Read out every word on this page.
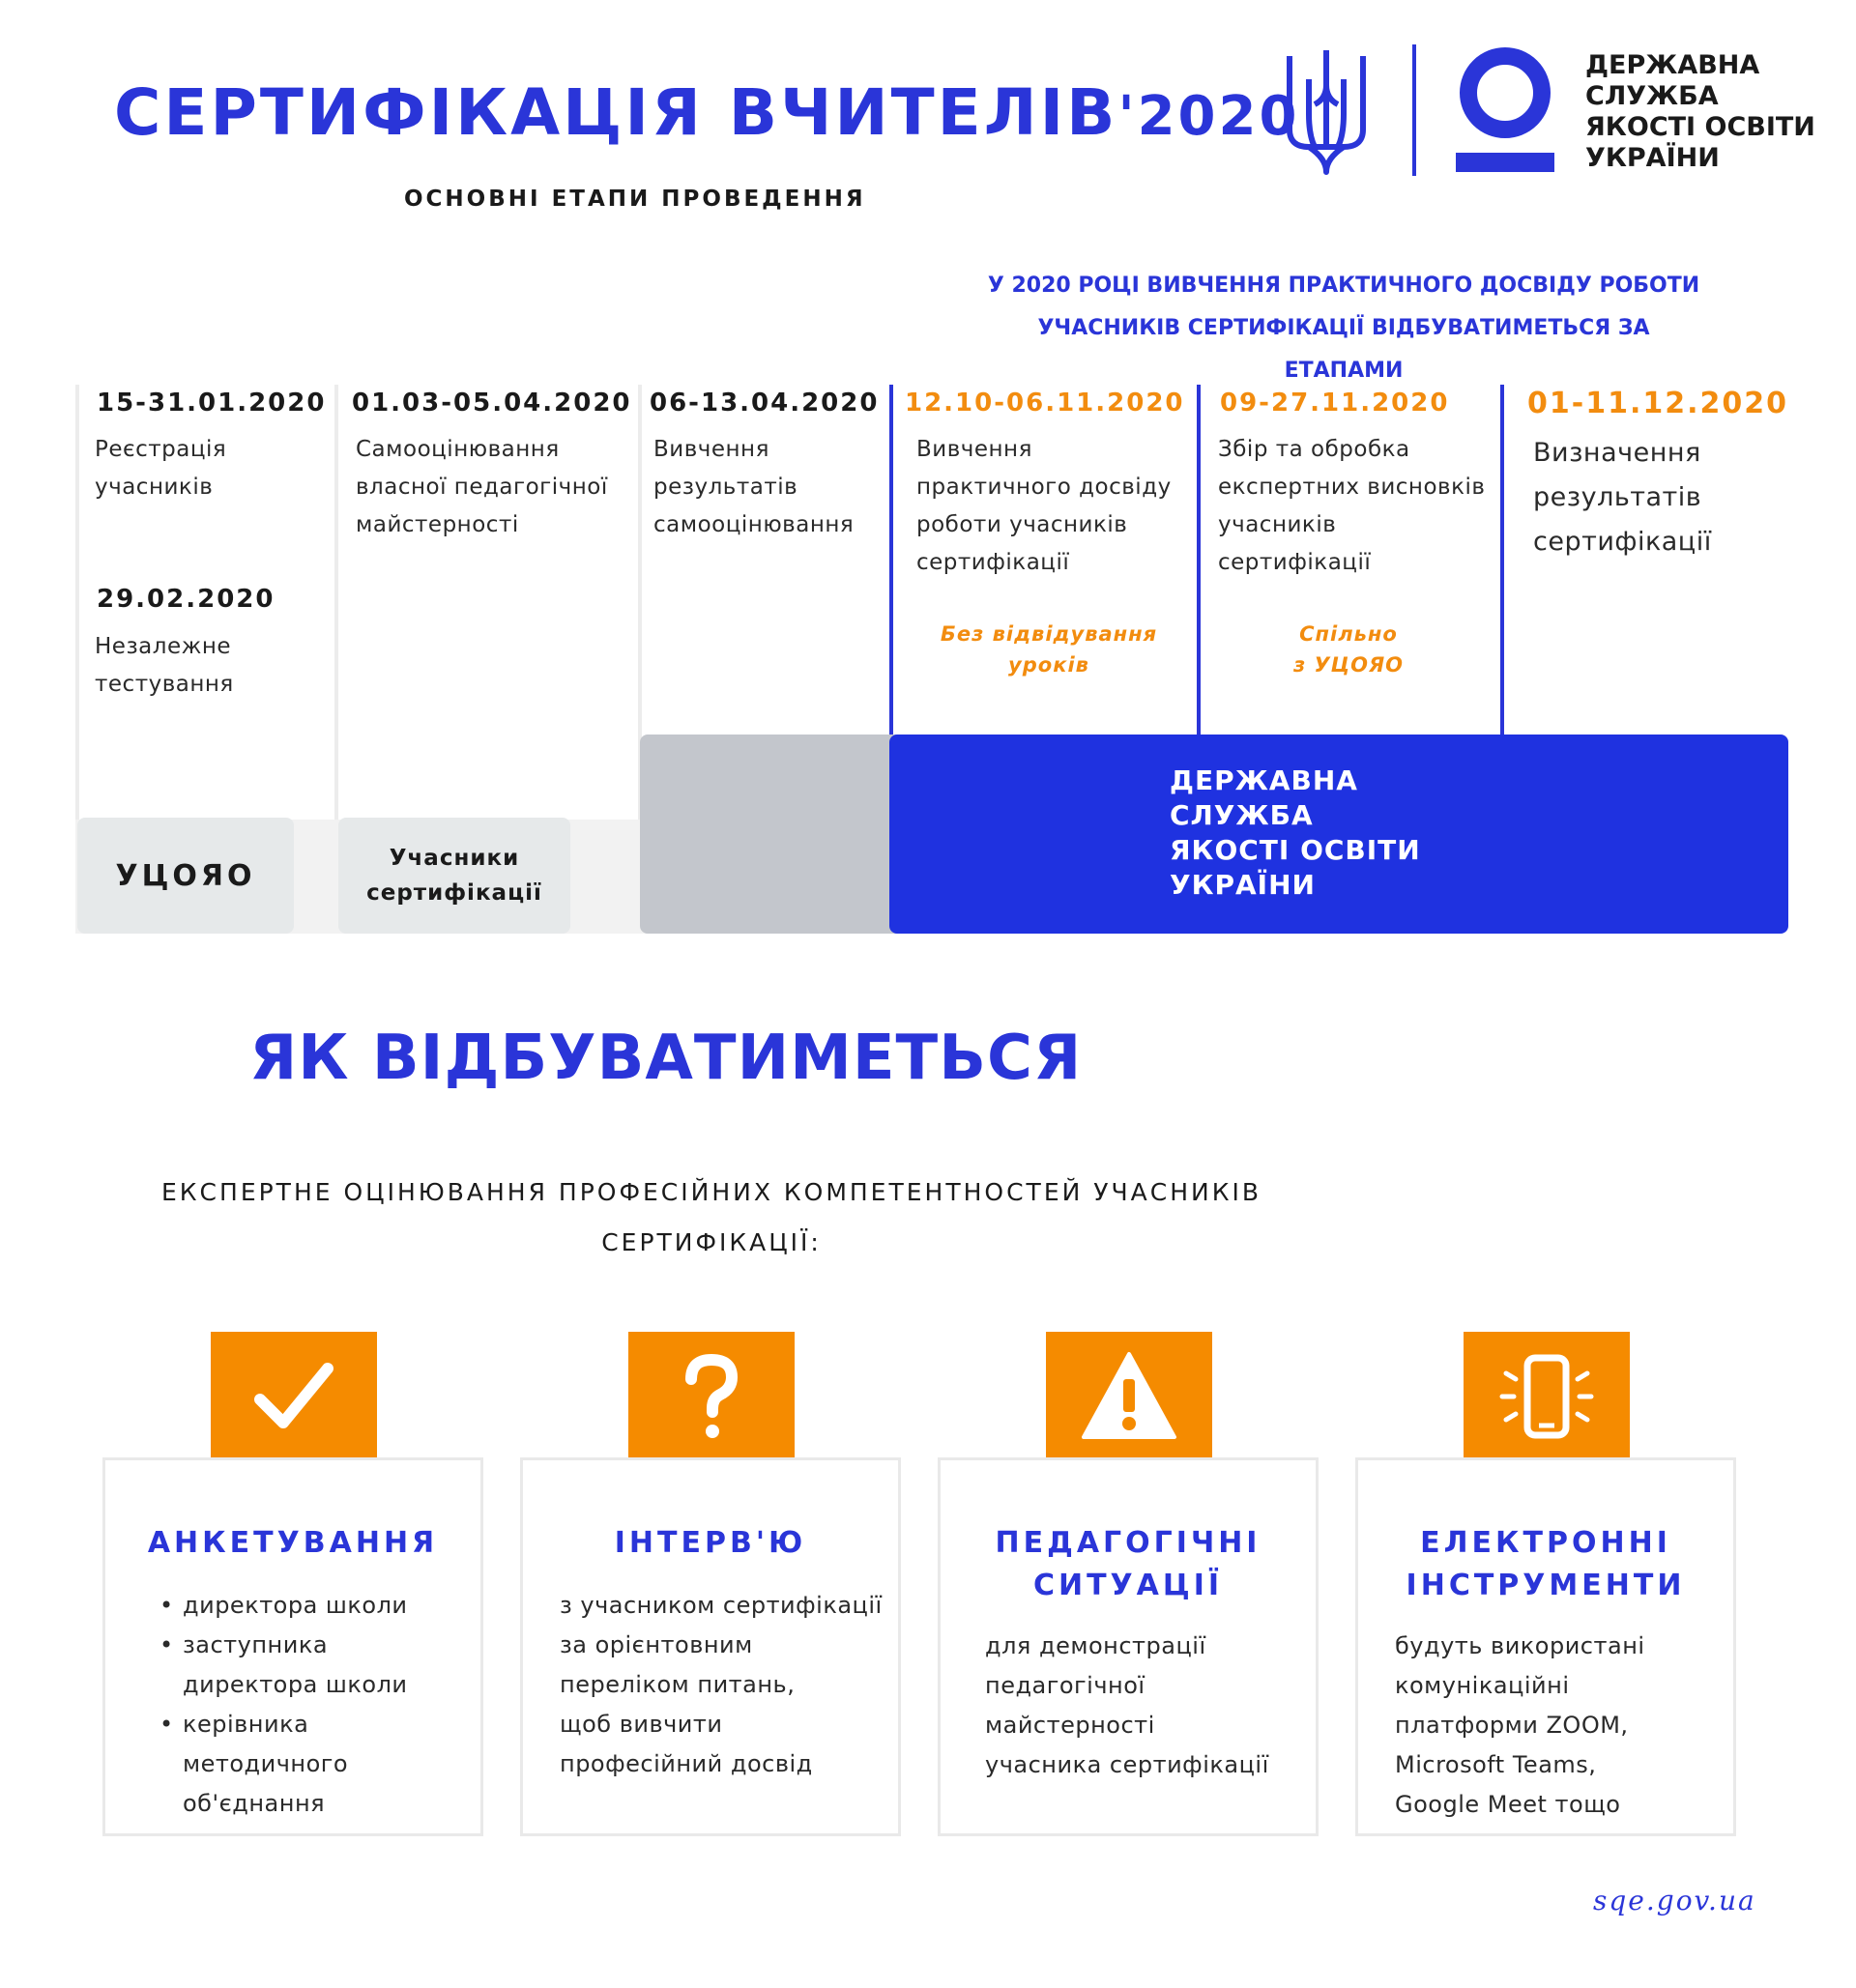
СЕРТИФІКАЦІЯ ВЧИТЕЛІВ'2020
ОСНОВНІ ЕТАПИ ПРОВЕДЕННЯ
ДЕРЖАВНА
СЛУЖБА
ЯКОСТІ ОСВІТИ
УКРАЇНИ
У 2020 РОЦІ ВИВЧЕННЯ ПРАКТИЧНОГО ДОСВІДУ РОБОТИ
УЧАСНИКІВ СЕРТИФІКАЦІЇ ВІДБУВАТИМЕТЬСЯ ЗА ЕТАПАМИ
УЦОЯО
Учасники
сертифікації
ДЕРЖАВНА
СЛУЖБА
ЯКОСТІ ОСВІТИ
УКРАЇНИ
15-31.01.2020
Реєстрація
учасників
29.02.2020
Незалежне
тестування
01.03-05.04.2020
Самооцінювання
власної педагогічної
майстерності
06-13.04.2020
Вивчення
результатів
самооцінювання
12.10-06.11.2020
Вивчення
практичного досвіду
роботи учасників
сертифікації
Без відвідування
уроків
09-27.11.2020
Збір та обробка
експертних висновків
учасників
сертифікації
Спільно
з УЦОЯО
01-11.12.2020
Визначення
результатів
сертифікації
ЯК ВІДБУВАТИМЕТЬСЯ
ЕКСПЕРТНЕ ОЦІНЮВАННЯ ПРОФЕСІЙНИХ КОМПЕТЕНТНОСТЕЙ УЧАСНИКІВ
СЕРТИФІКАЦІЇ:
АНКЕТУВАННЯ
• директора школи
• заступника
директора школи
• керівника
методичного
об'єднання
ІНТЕРВ'Ю
з учасником сертифікації
за орієнтовним
переліком питань,
щоб вивчити
професійний досвід
ПЕДАГОГІЧНІ
СИТУАЦІЇ
для демонстрації
педагогічної
майстерності
учасника сертифікації
ЕЛЕКТРОННІ
ІНСТРУМЕНТИ
будуть використані
комунікаційні
платформи ZOOM,
Microsoft Teams,
Google Meet тощо
sqe.gov.ua
